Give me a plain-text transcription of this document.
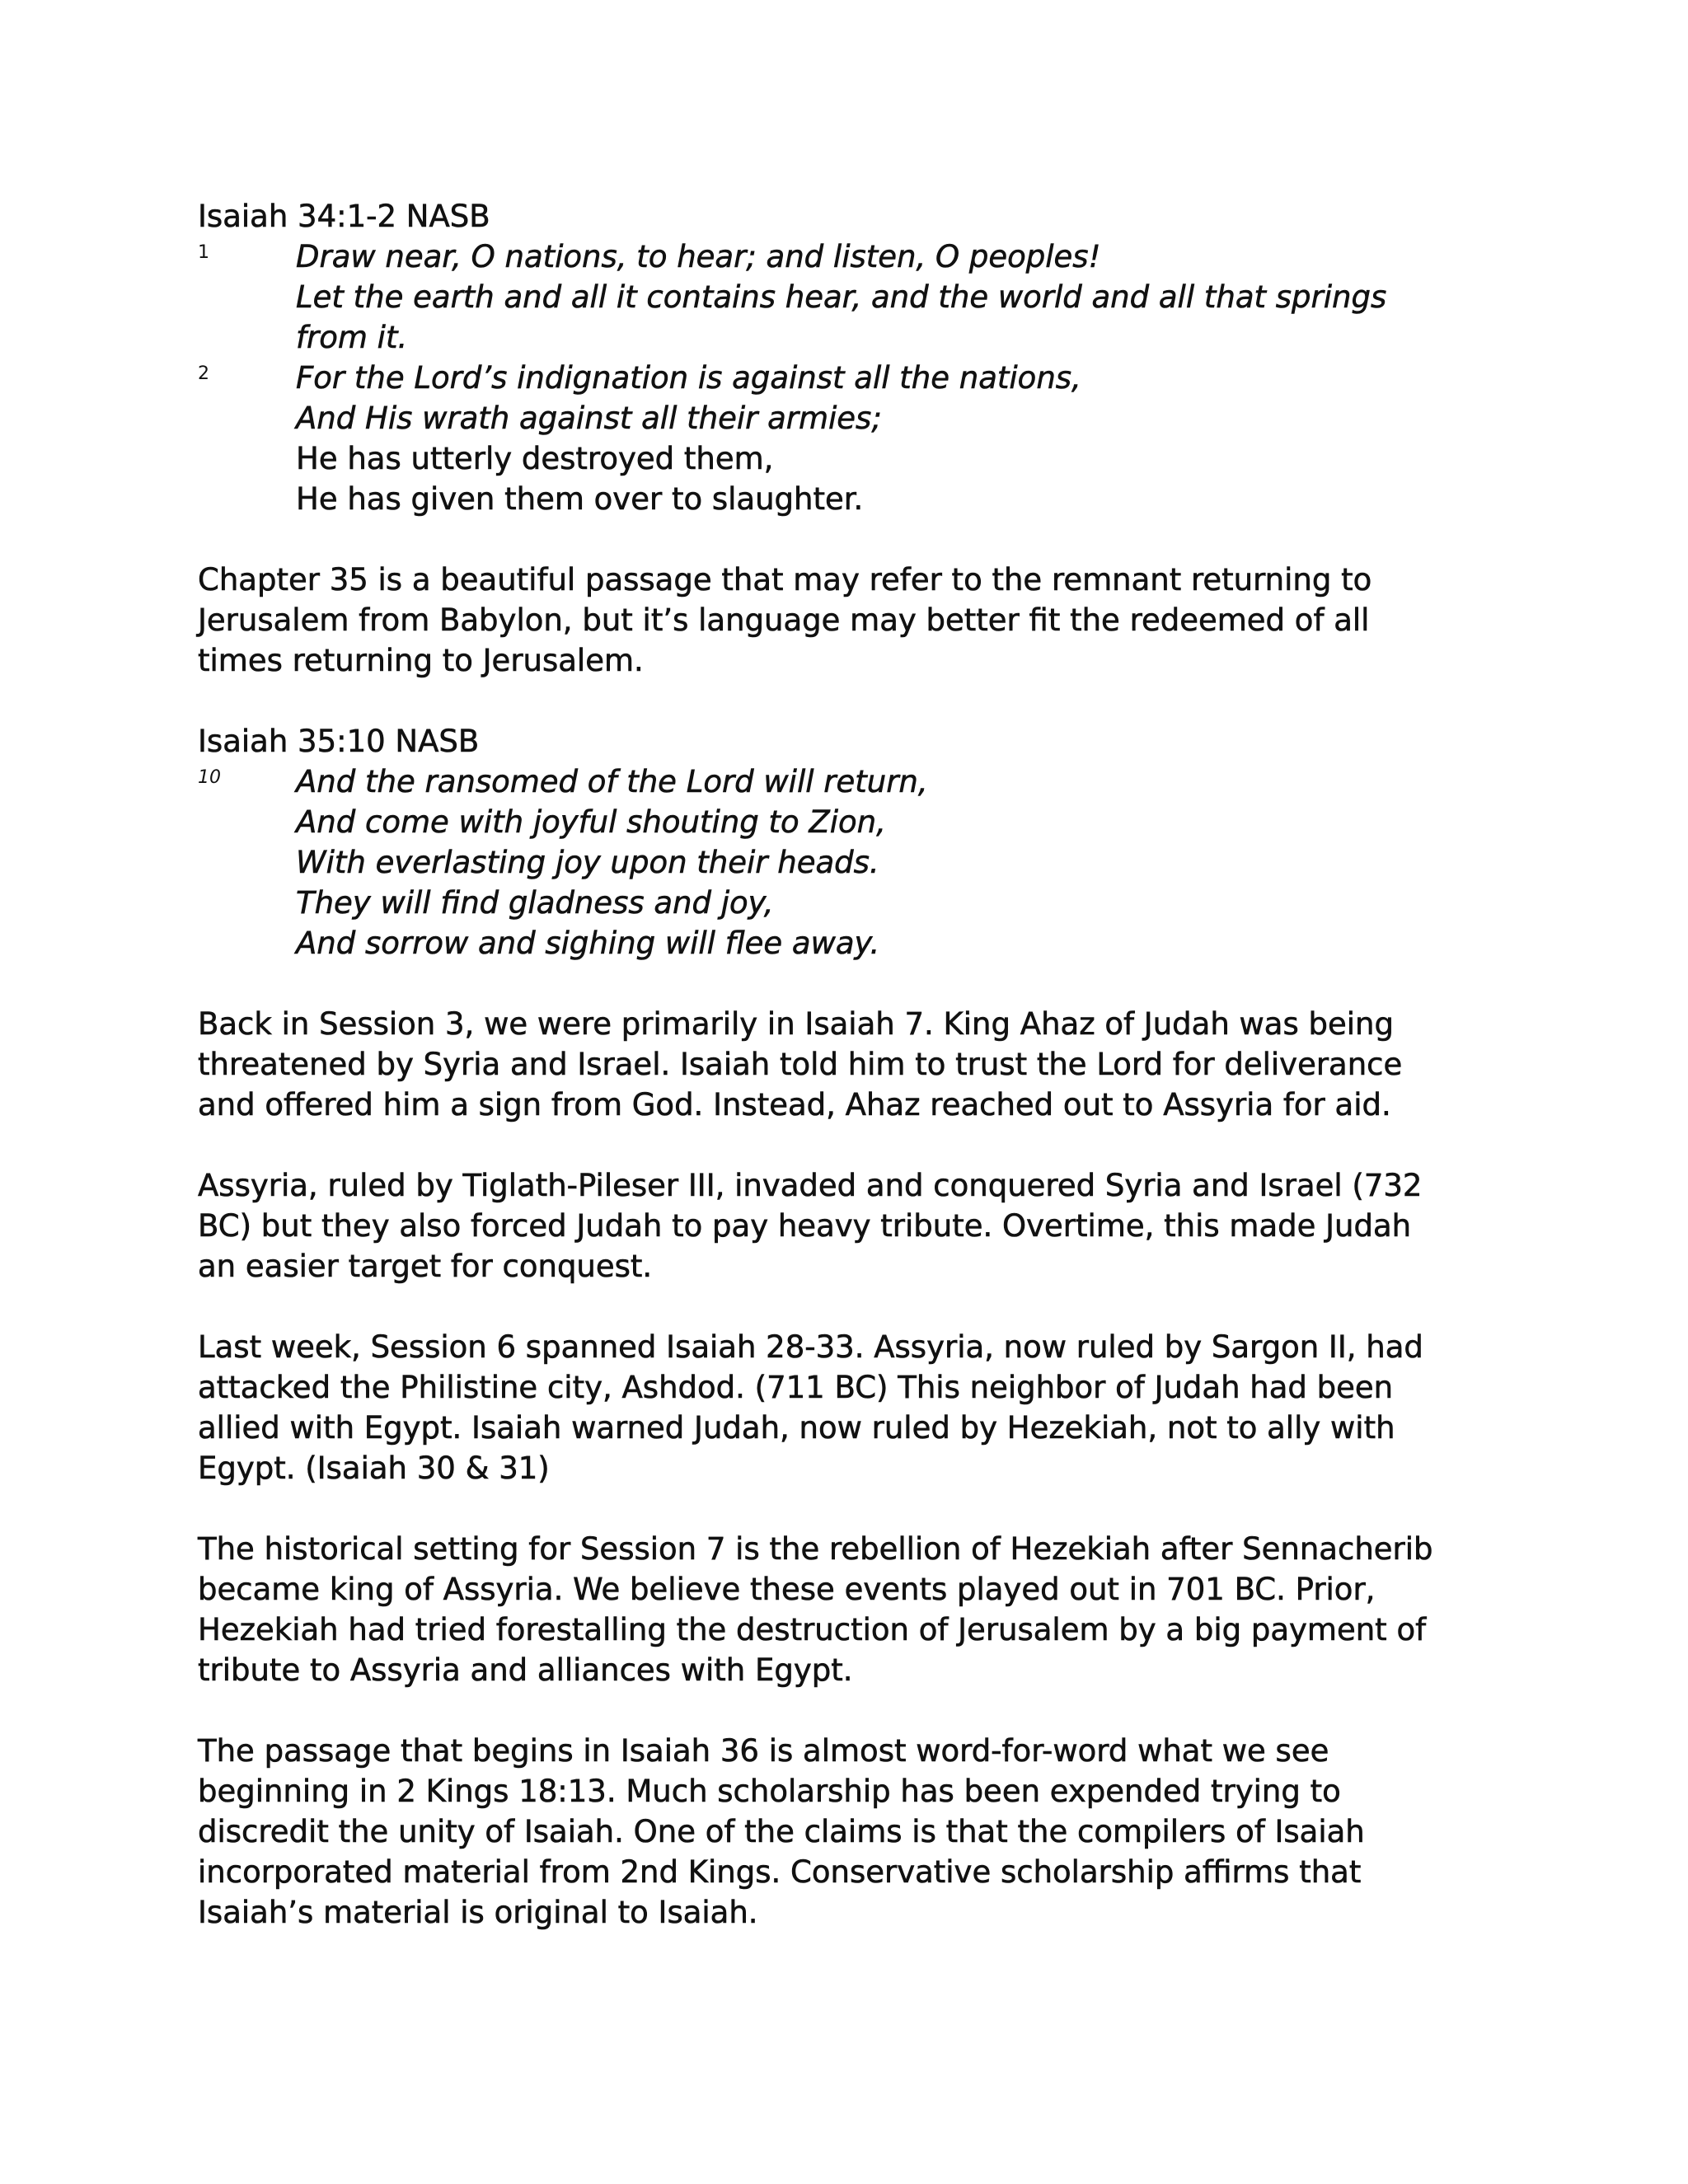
Isaiah 34:1-2 NASB
1	Draw near, O nations, to hear; and listen, O peoples!
Let the earth and all it contains hear, and the world and all that springs
from it.
2	For the Lord’s indignation is against all the nations,
And His wrath against all their armies;
He has utterly destroyed them,
He has given them over to slaughter.
Chapter 35 is a beautiful passage that may refer to the remnant returning to
Jerusalem from Babylon, but it’s language may better fit the redeemed of all
times returning to Jerusalem.
Isaiah 35:10 NASB
10 And the ransomed of the Lord will return,
And come with joyful shouting to Zion,
With everlasting joy upon their heads.
They will find gladness and joy,
And sorrow and sighing will flee away.
Back in Session 3, we were primarily in Isaiah 7. King Ahaz of Judah was being
threatened by Syria and Israel. Isaiah told him to trust the Lord for deliverance
and offered him a sign from God. Instead, Ahaz reached out to Assyria for aid.
Assyria, ruled by Tiglath-Pileser III, invaded and conquered Syria and Israel (732
BC) but they also forced Judah to pay heavy tribute. Overtime, this made Judah
an easier target for conquest.
Last week, Session 6 spanned Isaiah 28-33. Assyria, now ruled by Sargon II, had
attacked the Philistine city, Ashdod. (711 BC) This neighbor of Judah had been
allied with Egypt. Isaiah warned Judah, now ruled by Hezekiah, not to ally with
Egypt. (Isaiah 30 & 31)
The historical setting for Session 7 is the rebellion of Hezekiah after Sennacherib
became king of Assyria. We believe these events played out in 701 BC. Prior,
Hezekiah had tried forestalling the destruction of Jerusalem by a big payment of
tribute to Assyria and alliances with Egypt.
The passage that begins in Isaiah 36 is almost word-for-word what we see
beginning in 2 Kings 18:13. Much scholarship has been expended trying to
discredit the unity of Isaiah. One of the claims is that the compilers of Isaiah
incorporated material from 2nd Kings. Conservative scholarship affirms that
Isaiah’s material is original to Isaiah.
